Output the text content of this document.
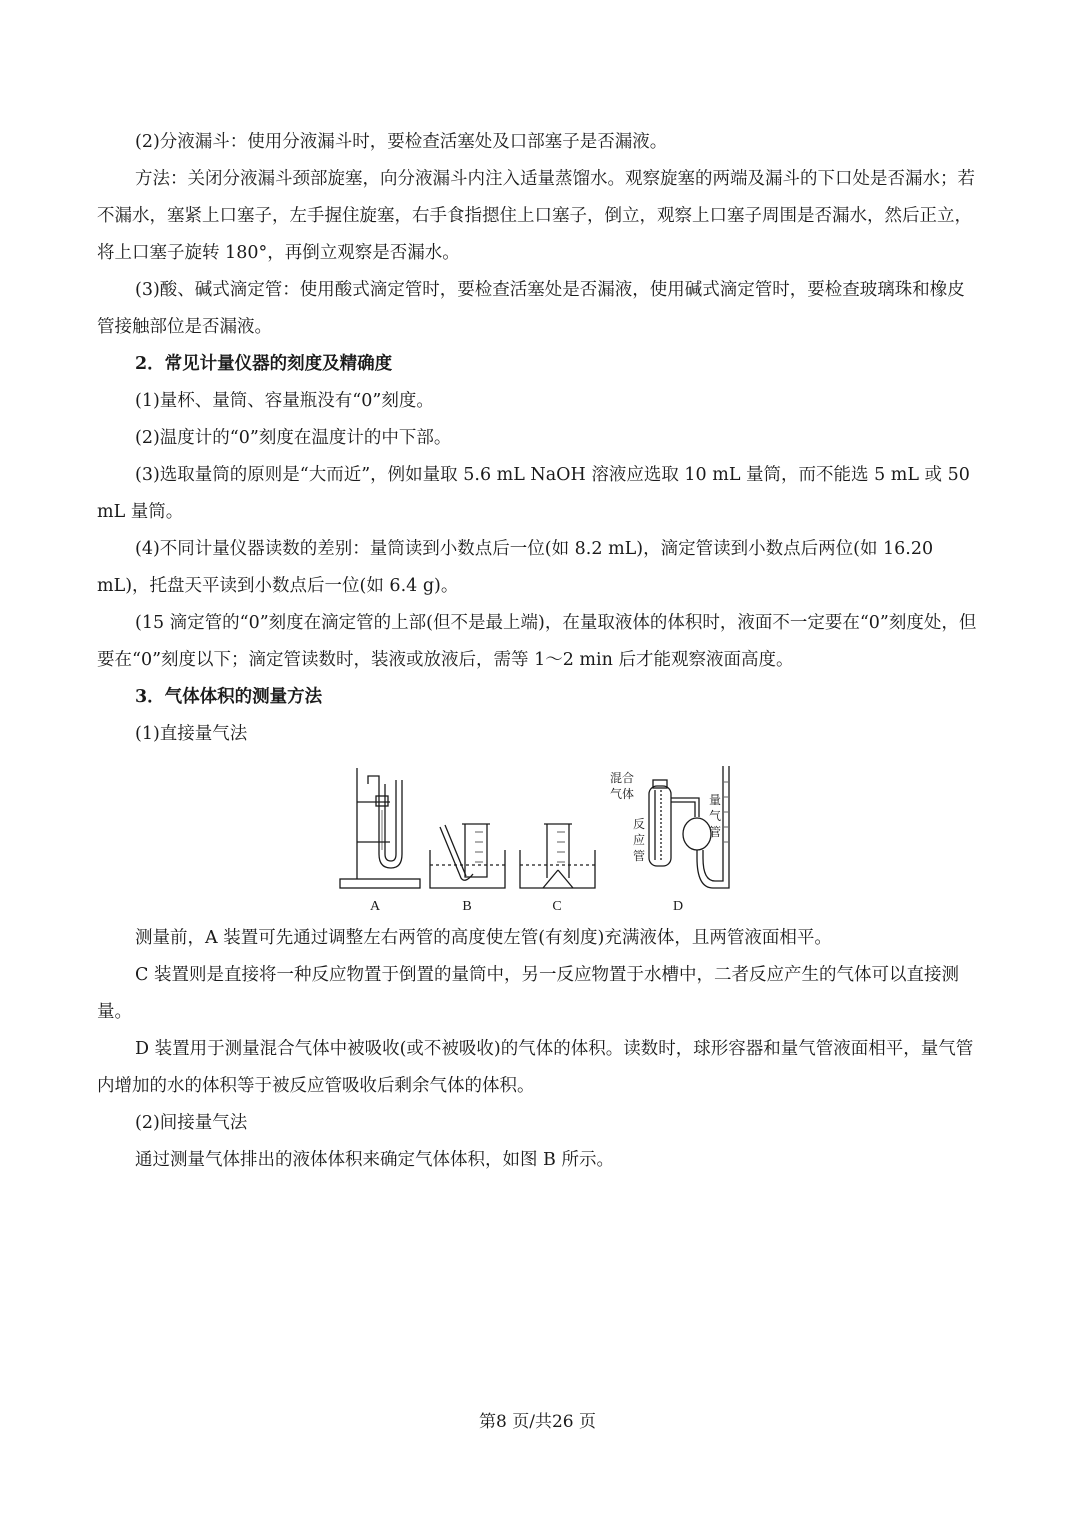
(2)分液漏斗：使用分液漏斗时，要检查活塞处及口部塞子是否漏液。

方法：关闭分液漏斗颈部旋塞，向分液漏斗内注入适量蒸馏水。观察旋塞的两端及漏斗的下口处是否漏水；若不漏水，塞紧上口塞子，左手握住旋塞，右手食指摁住上口塞子，倒立，观察上口塞子周围是否漏水，然后正立，将上口塞子旋转 180°，再倒立观察是否漏水。

(3)酸、碱式滴定管：使用酸式滴定管时，要检查活塞处是否漏液，使用碱式滴定管时，要检查玻璃珠和橡皮管接触部位是否漏液。

2．常见计量仪器的刻度及精确度

(1)量杯、量筒、容量瓶没有“0”刻度。

(2)温度计的“0”刻度在温度计的中下部。

(3)选取量筒的原则是“大而近”，例如量取 5.6 mL NaOH 溶液应选取 10 mL 量筒，而不能选 5 mL 或 50 mL 量筒。

(4)不同计量仪器读数的差别：量筒读到小数点后一位(如 8.2 mL)，滴定管读到小数点后两位(如 16.20 mL)，托盘天平读到小数点后一位(如 6.4 g)。

(15 滴定管的“0”刻度在滴定管的上部(但不是最上端)，在量取液体的体积时，液面不一定要在“0”刻度处，但要在“0”刻度以下；滴定管读数时，装液或放液后，需等 1～2 min 后才能观察液面高度。

3．气体体积的测量方法

(1)直接量气法

A	B	C	D
混合
气体
反
应
管
量
气
管

测量前，A 装置可先通过调整左右两管的高度使左管(有刻度)充满液体，且两管液面相平。

C 装置则是直接将一种反应物置于倒置的量筒中，另一反应物置于水槽中，二者反应产生的气体可以直接测量。

D 装置用于测量混合气体中被吸收(或不被吸收)的气体的体积。读数时，球形容器和量气管液面相平，量气管内增加的水的体积等于被反应管吸收后剩余气体的体积。

(2)间接量气法

通过测量气体排出的液体体积来确定气体体积，如图 B 所示。

第8 页/共26 页
